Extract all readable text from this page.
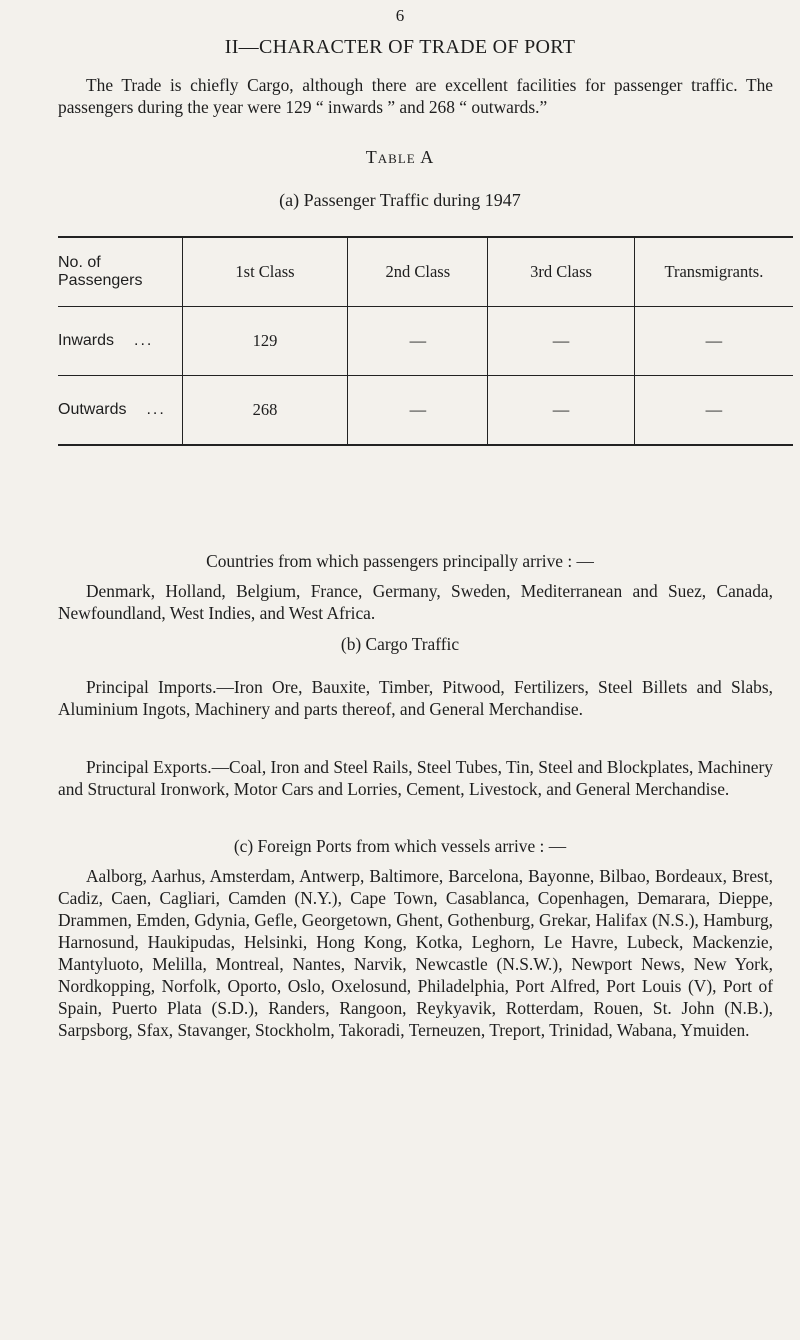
6
II—CHARACTER OF TRADE OF PORT

The Trade is chiefly Cargo, although there are excellent facilities for passenger traffic. The passengers during the year were 129 “ inwards ” and 268 “ outwards.”

Table A
(a) Passenger Traffic during 1947
No. of Passengers	1st Class	2nd Class	3rd Class	Transmigrants.
Inwards ...	129	—	—	—
Outwards ...	268	—	—	—
Countries from which passengers principally arrive : —

Denmark, Holland, Belgium, France, Germany, Sweden, Mediterranean and Suez, Canada, Newfoundland, West Indies, and West Africa.

(b) Cargo Traffic

Principal Imports.—Iron Ore, Bauxite, Timber, Pitwood, Fertilizers, Steel Billets and Slabs, Aluminium Ingots, Machinery and parts thereof, and General Merchandise.

Principal Exports.—Coal, Iron and Steel Rails, Steel Tubes, Tin, Steel and Blockplates, Machinery and Structural Ironwork, Motor Cars and Lorries, Cement, Livestock, and General Merchandise.

(c) Foreign Ports from which vessels arrive : —

Aalborg, Aarhus, Amsterdam, Antwerp, Baltimore, Barcelona, Bayonne, Bilbao, Bordeaux, Brest, Cadiz, Caen, Cagliari, Camden (N.Y.), Cape Town, Casablanca, Copenhagen, Demarara, Dieppe, Drammen, Emden, Gdynia, Gefle, Georgetown, Ghent, Gothenburg, Grekar, Halifax (N.S.), Hamburg, Harnosund, Haukipudas, Helsinki, Hong Kong, Kotka, Leghorn, Le Havre, Lubeck, Mackenzie, Mantyluoto, Melilla, Montreal, Nantes, Narvik, Newcastle (N.S.W.), Newport News, New York, Nordkopping, Norfolk, Oporto, Oslo, Oxelosund, Philadelphia, Port Alfred, Port Louis (V), Port of Spain, Puerto Plata (S.D.), Randers, Rangoon, Reykyavik, Rotterdam, Rouen, St. John (N.B.), Sarpsborg, Sfax, Stavanger, Stockholm, Takoradi, Terneuzen, Treport, Trinidad, Wabana, Ymuiden.
